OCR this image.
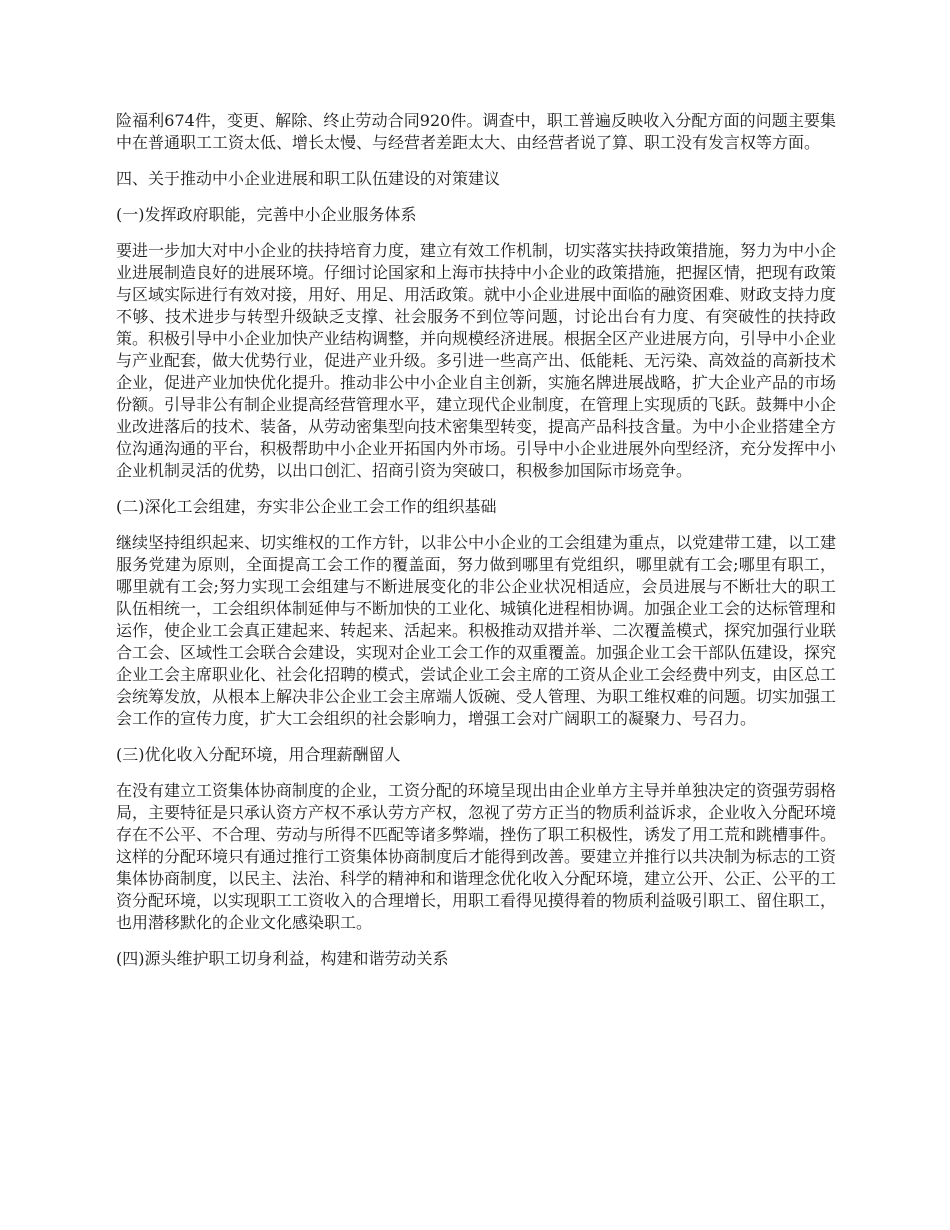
险福利674件，变更、解除、终止劳动合同920件。调查中，职工普遍反映收入分配方面的问题主要集中在普通职工工资太低、增长太慢、与经营者差距太大、由经营者说了算、职工没有发言权等方面。

四、关于推动中小企业进展和职工队伍建设的对策建议

(一)发挥政府职能，完善中小企业服务体系

要进一步加大对中小企业的扶持培育力度，建立有效工作机制，切实落实扶持政策措施，努力为中小企业进展制造良好的进展环境。仔细讨论国家和上海市扶持中小企业的政策措施，把握区情，把现有政策与区域实际进行有效对接，用好、用足、用活政策。就中小企业进展中面临的融资困难、财政支持力度不够、技术进步与转型升级缺乏支撑、社会服务不到位等问题，讨论出台有力度、有突破性的扶持政策。积极引导中小企业加快产业结构调整，并向规模经济进展。根据全区产业进展方向，引导中小企业与产业配套，做大优势行业，促进产业升级。多引进一些高产出、低能耗、无污染、高效益的高新技术企业，促进产业加快优化提升。推动非公中小企业自主创新，实施名牌进展战略，扩大企业产品的市场份额。引导非公有制企业提高经营管理水平，建立现代企业制度，在管理上实现质的飞跃。鼓舞中小企业改进落后的技术、装备，从劳动密集型向技术密集型转变，提高产品科技含量。为中小企业搭建全方位沟通沟通的平台，积极帮助中小企业开拓国内外市场。引导中小企业进展外向型经济，充分发挥中小企业机制灵活的优势，以出口创汇、招商引资为突破口，积极参加国际市场竞争。

(二)深化工会组建，夯实非公企业工会工作的组织基础

继续坚持组织起来、切实维权的工作方针，以非公中小企业的工会组建为重点，以党建带工建，以工建服务党建为原则，全面提高工会工作的覆盖面，努力做到哪里有党组织，哪里就有工会;哪里有职工，哪里就有工会;努力实现工会组建与不断进展变化的非公企业状况相适应，会员进展与不断壮大的职工队伍相统一，工会组织体制延伸与不断加快的工业化、城镇化进程相协调。加强企业工会的达标管理和运作，使企业工会真正建起来、转起来、活起来。积极推动双措并举、二次覆盖模式，探究加强行业联合工会、区域性工会联合会建设，实现对企业工会工作的双重覆盖。加强企业工会干部队伍建设，探究企业工会主席职业化、社会化招聘的模式，尝试企业工会主席的工资从企业工会经费中列支，由区总工会统筹发放，从根本上解决非公企业工会主席端人饭碗、受人管理、为职工维权难的问题。切实加强工会工作的宣传力度，扩大工会组织的社会影响力，增强工会对广阔职工的凝聚力、号召力。

(三)优化收入分配环境，用合理薪酬留人

在没有建立工资集体协商制度的企业，工资分配的环境呈现出由企业单方主导并单独决定的资强劳弱格局，主要特征是只承认资方产权不承认劳方产权，忽视了劳方正当的物质利益诉求，企业收入分配环境存在不公平、不合理、劳动与所得不匹配等诸多弊端，挫伤了职工积极性，诱发了用工荒和跳槽事件。这样的分配环境只有通过推行工资集体协商制度后才能得到改善。要建立并推行以共决制为标志的工资集体协商制度，以民主、法治、科学的精神和和谐理念优化收入分配环境，建立公开、公正、公平的工资分配环境，以实现职工工资收入的合理增长，用职工看得见摸得着的物质利益吸引职工、留住职工，也用潜移默化的企业文化感染职工。

(四)源头维护职工切身利益，构建和谐劳动关系
